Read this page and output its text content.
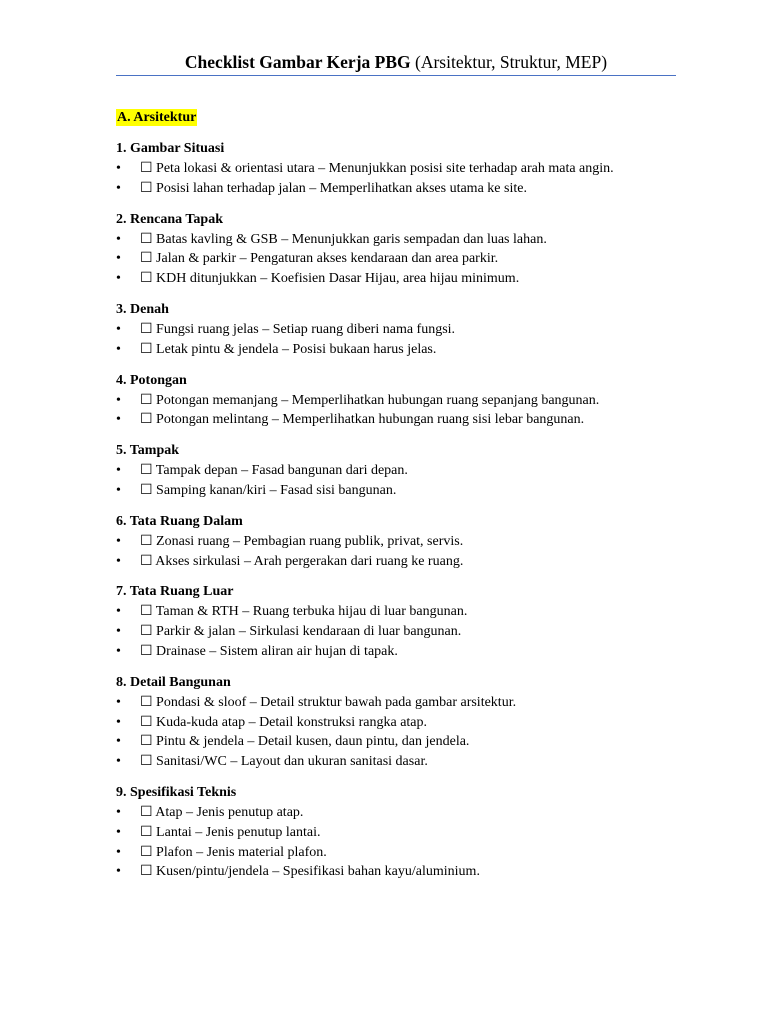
Checklist Gambar Kerja PBG (Arsitektur, Struktur, MEP)
A. Arsitektur
1. Gambar Situasi
•	☐ Peta lokasi & orientasi utara – Menunjukkan posisi site terhadap arah mata angin.
•	☐ Posisi lahan terhadap jalan – Memperlihatkan akses utama ke site.
2. Rencana Tapak
•	☐ Batas kavling & GSB – Menunjukkan garis sempadan dan luas lahan.
•	☐ Jalan & parkir – Pengaturan akses kendaraan dan area parkir.
•	☐ KDH ditunjukkan – Koefisien Dasar Hijau, area hijau minimum.
3. Denah
•	☐ Fungsi ruang jelas – Setiap ruang diberi nama fungsi.
•	☐ Letak pintu & jendela – Posisi bukaan harus jelas.
4. Potongan
•	☐ Potongan memanjang – Memperlihatkan hubungan ruang sepanjang bangunan.
•	☐ Potongan melintang – Memperlihatkan hubungan ruang sisi lebar bangunan.
5. Tampak
•	☐ Tampak depan – Fasad bangunan dari depan.
•	☐ Samping kanan/kiri – Fasad sisi bangunan.
6. Tata Ruang Dalam
•	☐ Zonasi ruang – Pembagian ruang publik, privat, servis.
•	☐ Akses sirkulasi – Arah pergerakan dari ruang ke ruang.
7. Tata Ruang Luar
•	☐ Taman & RTH – Ruang terbuka hijau di luar bangunan.
•	☐ Parkir & jalan – Sirkulasi kendaraan di luar bangunan.
•	☐ Drainase – Sistem aliran air hujan di tapak.
8. Detail Bangunan
•	☐ Pondasi & sloof – Detail struktur bawah pada gambar arsitektur.
•	☐ Kuda-kuda atap – Detail konstruksi rangka atap.
•	☐ Pintu & jendela – Detail kusen, daun pintu, dan jendela.
•	☐ Sanitasi/WC – Layout dan ukuran sanitasi dasar.
9. Spesifikasi Teknis
•	☐ Atap – Jenis penutup atap.
•	☐ Lantai – Jenis penutup lantai.
•	☐ Plafon – Jenis material plafon.
•	☐ Kusen/pintu/jendela – Spesifikasi bahan kayu/aluminium.
